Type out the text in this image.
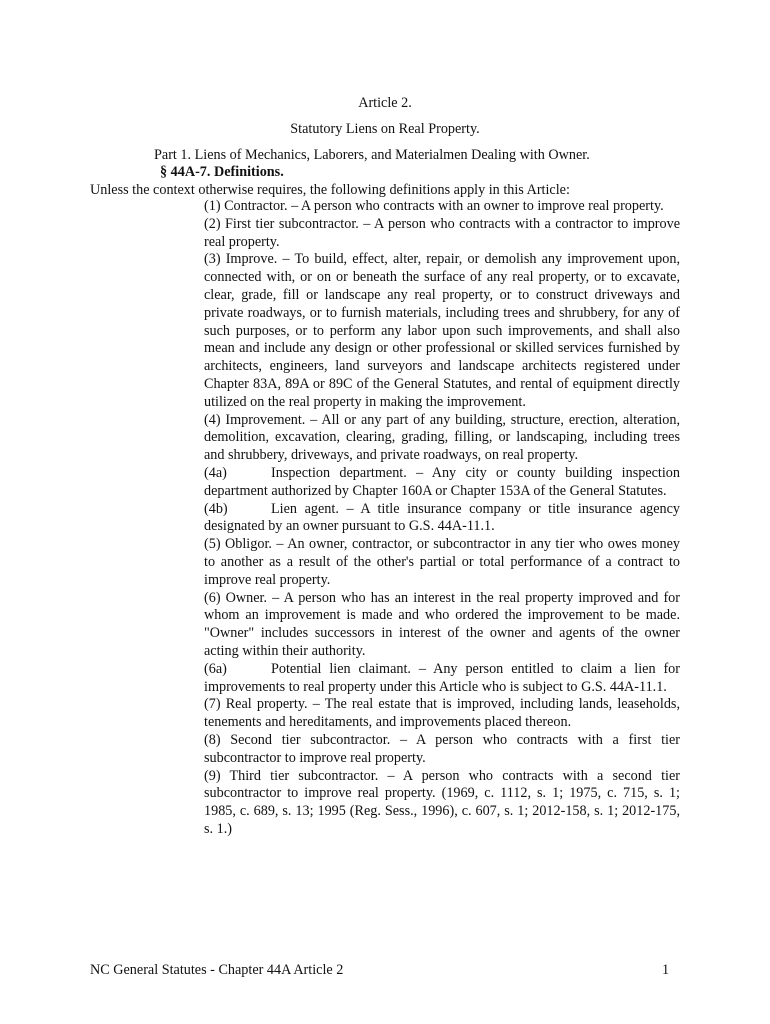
Article 2.
Statutory Liens on Real Property.
Part 1. Liens of Mechanics, Laborers, and Materialmen Dealing with Owner.
§ 44A-7. Definitions.
Unless the context otherwise requires, the following definitions apply in this Article:

(1) Contractor. – A person who contracts with an owner to improve real property.

(2) First tier subcontractor. – A person who contracts with a contractor to improve real property.

(3) Improve. – To build, effect, alter, repair, or demolish any improvement upon, connected with, or on or beneath the surface of any real property, or to excavate, clear, grade, fill or landscape any real property, or to construct driveways and private roadways, or to furnish materials, including trees and shrubbery, for any of such purposes, or to perform any labor upon such improvements, and shall also mean and include any design or other professional or skilled services furnished by architects, engineers, land surveyors and landscape architects registered under Chapter 83A, 89A or 89C of the General Statutes, and rental of equipment directly utilized on the real property in making the improvement.

(4) Improvement. – All or any part of any building, structure, erection, alteration, demolition, excavation, clearing, grading, filling, or landscaping, including trees and shrubbery, driveways, and private roadways, on real property.

(4a)	Inspection department. – Any city or county building inspection department authorized by Chapter 160A or Chapter 153A of the General Statutes.

(4b)	Lien agent. – A title insurance company or title insurance agency designated by an owner pursuant to G.S. 44A-11.1.

(5) Obligor. – An owner, contractor, or subcontractor in any tier who owes money to another as a result of the other's partial or total performance of a contract to improve real property.

(6) Owner. – A person who has an interest in the real property improved and for whom an improvement is made and who ordered the improvement to be made. "Owner" includes successors in interest of the owner and agents of the owner acting within their authority.

(6a)	Potential lien claimant. – Any person entitled to claim a lien for improvements to real property under this Article who is subject to G.S. 44A-11.1.

(7) Real property. – The real estate that is improved, including lands, leaseholds, tenements and hereditaments, and improvements placed thereon.

(8) Second tier subcontractor. – A person who contracts with a first tier subcontractor to improve real property.

(9) Third tier subcontractor. – A person who contracts with a second tier subcontractor to improve real property. (1969, c. 1112, s. 1; 1975, c. 715, s. 1; 1985, c. 689, s. 13; 1995 (Reg. Sess., 1996), c. 607, s. 1; 2012-158, s. 1; 2012-175, s. 1.)

NC General Statutes - Chapter 44A Article 2	1
